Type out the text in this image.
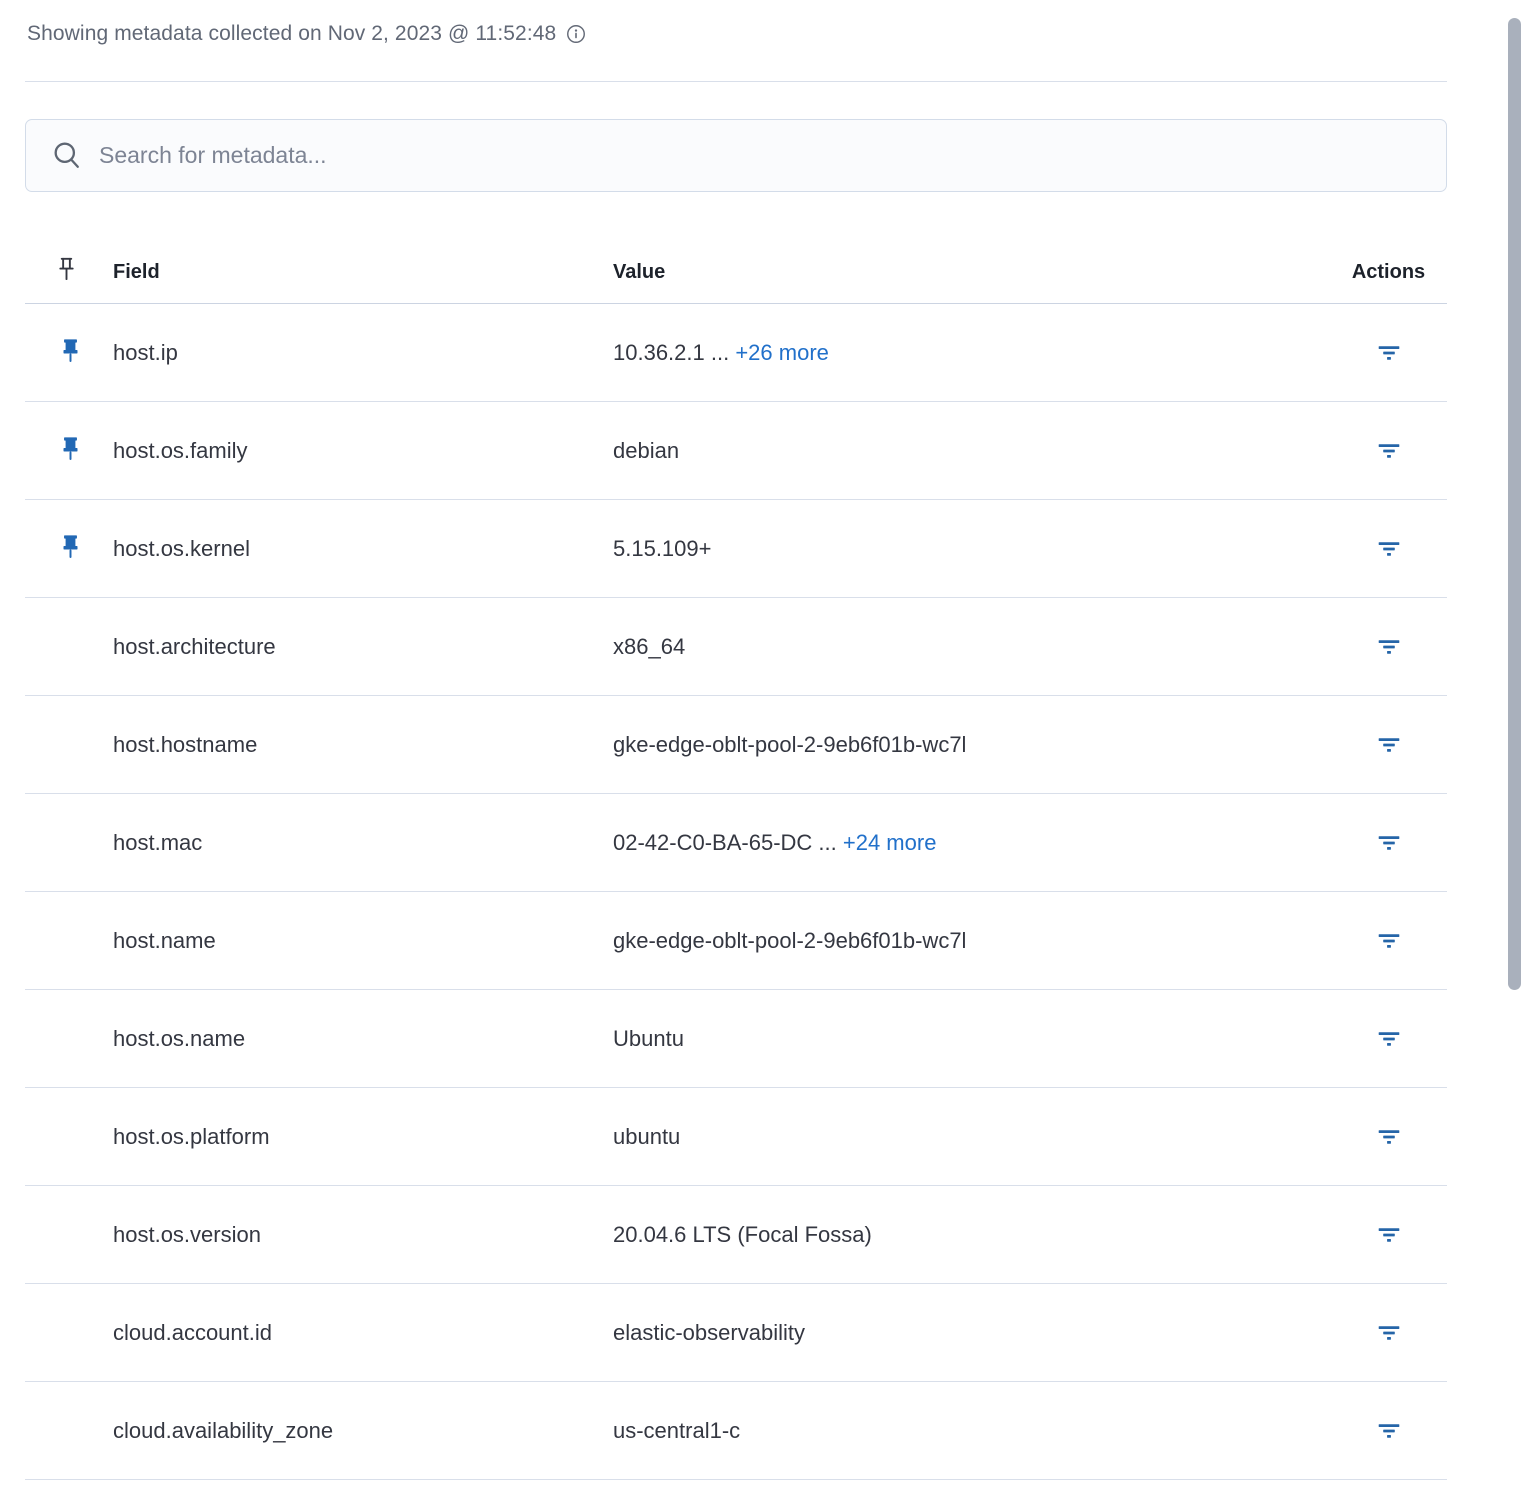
Showing metadata collected on Nov 2, 2023 @ 11:52:48
Search for metadata...
Field	Value	Actions
host.ip	10.36.2.1 ... +26 more
host.os.family	debian
host.os.kernel	5.15.109+
host.architecture	x86_64
host.hostname	gke-edge-oblt-pool-2-9eb6f01b-wc7l
host.mac	02-42-C0-BA-65-DC ... +24 more
host.name	gke-edge-oblt-pool-2-9eb6f01b-wc7l
host.os.name	Ubuntu
host.os.platform	ubuntu
host.os.version	20.04.6 LTS (Focal Fossa)
cloud.account.id	elastic-observability
cloud.availability_zone	us-central1-c
